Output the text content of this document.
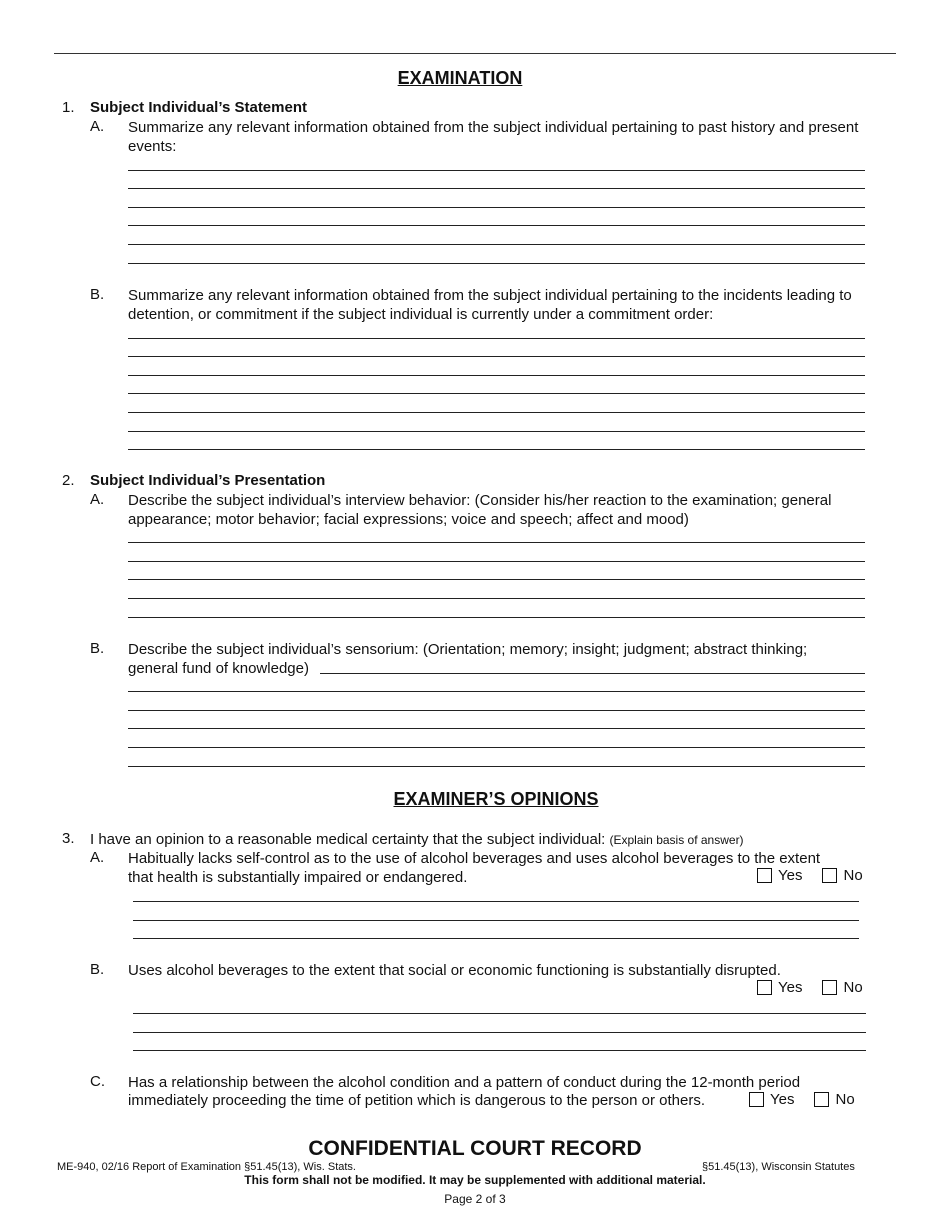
EXAMINATION
1. Subject Individual’s Statement
A. Summarize any relevant information obtained from the subject individual pertaining to past history and present events:
B. Summarize any relevant information obtained from the subject individual pertaining to the incidents leading to detention, or commitment if the subject individual is currently under a commitment order:
2. Subject Individual’s Presentation
A. Describe the subject individual’s interview behavior: (Consider his/her reaction to the examination; general appearance; motor behavior; facial expressions; voice and speech; affect and mood)
B. Describe the subject individual’s sensorium: (Orientation; memory; insight; judgment; abstract thinking;
general fund of knowledge)
EXAMINER’S OPINIONS
3. I have an opinion to a reasonable medical certainty that the subject individual: (Explain basis of answer)
A. Habitually lacks self-control as to the use of alcohol beverages and uses alcohol beverages to the extent
that health is substantially impaired or endangered.	Yes	No
B. Uses alcohol beverages to the extent that social or economic functioning is substantially disrupted.
Yes	No
C. Has a relationship between the alcohol condition and a pattern of conduct during the 12-month period
immediately proceeding the time of petition which is dangerous to the person or others.	Yes	No
CONFIDENTIAL COURT RECORD
ME-940, 02/16 Report of Examination §51.45(13), Wis. Stats.	§51.45(13), Wisconsin Statutes
This form shall not be modified. It may be supplemented with additional material.
Page 2 of 3
